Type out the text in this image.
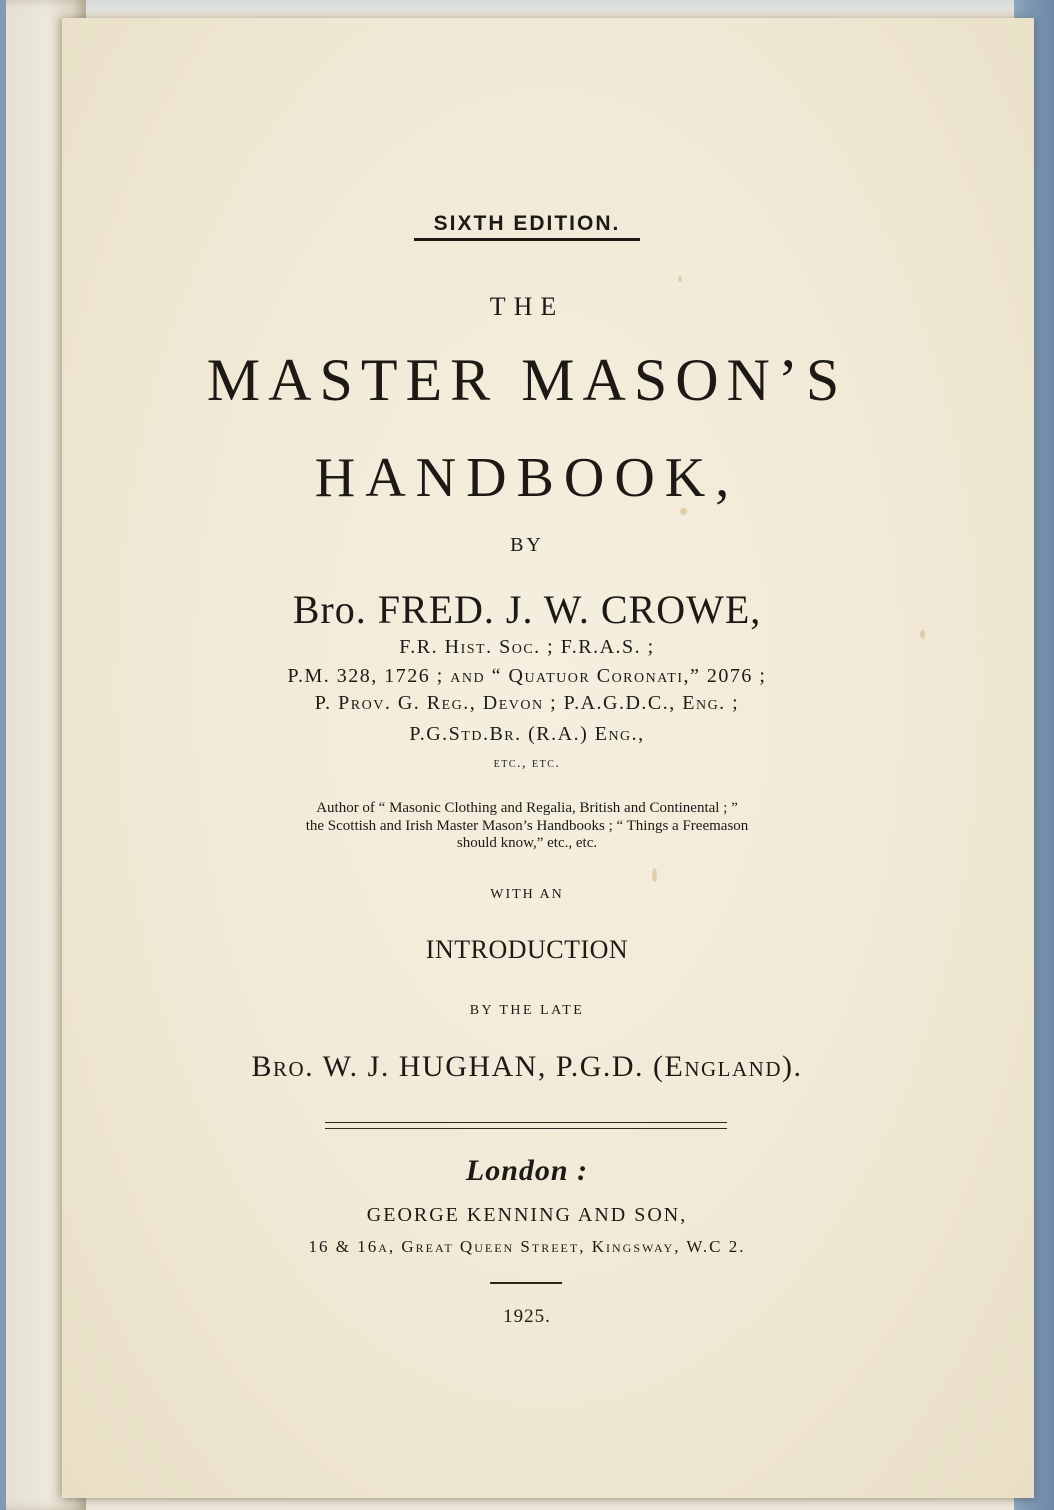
SIXTH EDITION.
THE
MASTER MASON’S
HANDBOOK,
BY
Bro. FRED. J. W. CROWE,
F.R. Hist. Soc. ; F.R.A.S. ;
P.M. 328, 1726 ; and “ Quatuor Coronati,” 2076 ;
P. Prov. G. Reg., Devon ; P.A.G.D.C., Eng. ;
P.G.Std.Br. (R.A.) Eng.,
etc., etc.
Author of “ Masonic Clothing and Regalia, British and Continental ; ”
the Scottish and Irish Master Mason’s Handbooks ; “ Things a Freemason
should know,” etc., etc.
WITH AN
INTRODUCTION
BY THE LATE
Bro. W. J. HUGHAN, P.G.D. (England).
London :
GEORGE KENNING AND SON,
16 & 16a, Great Queen Street, Kingsway, W.C 2.
1925.
